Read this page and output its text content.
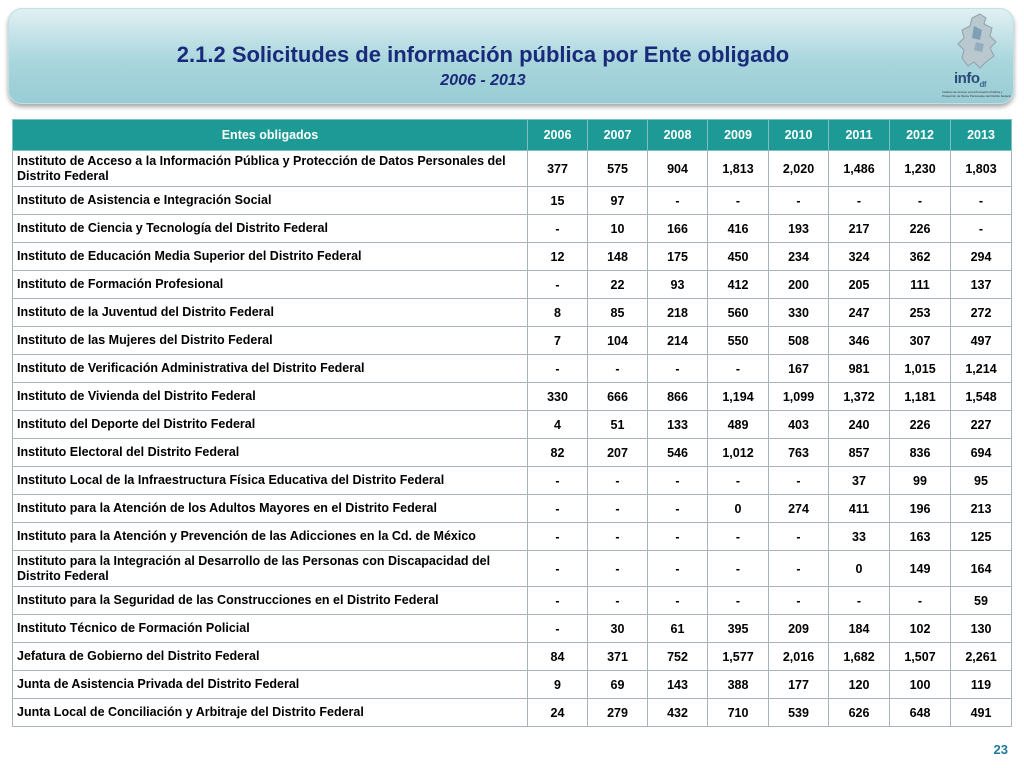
2.1.2 Solicitudes de información pública por Ente obligado
2006 - 2013	info$_{df}$
Instituto de Acceso a la Información Pública y Protección de Datos Personales del Distrito Federal
Entes obligados	2006	2007	2008	2009	2010	2011	2012	2013
Instituto de Acceso a la Información Pública y Protección de Datos Personales del Distrito Federal	377	575	904	1,813	2,020	1,486	1,230	1,803
Instituto de Asistencia e Integración Social	15	97	-	-	-	-	-	-
Instituto de Ciencia y Tecnología del Distrito Federal	-	10	166	416	193	217	226	-
Instituto de Educación Media Superior del Distrito Federal	12	148	175	450	234	324	362	294
Instituto de Formación Profesional	-	22	93	412	200	205	111	137
Instituto de la Juventud del Distrito Federal	8	85	218	560	330	247	253	272
Instituto de las Mujeres del Distrito Federal	7	104	214	550	508	346	307	497
Instituto de Verificación Administrativa del Distrito Federal	-	-	-	-	167	981	1,015	1,214
Instituto de Vivienda del Distrito Federal	330	666	866	1,194	1,099	1,372	1,181	1,548
Instituto del Deporte del Distrito Federal	4	51	133	489	403	240	226	227
Instituto Electoral del Distrito Federal	82	207	546	1,012	763	857	836	694
Instituto Local de la Infraestructura Física Educativa del Distrito Federal	-	-	-	-	-	37	99	95
Instituto para la Atención de los Adultos Mayores en el Distrito Federal	-	-	-	0	274	411	196	213
Instituto para la Atención y Prevención de las Adicciones en la Cd. de México	-	-	-	-	-	33	163	125
Instituto para la Integración al Desarrollo de las Personas con Discapacidad del Distrito Federal	-	-	-	-	-	0	149	164
Instituto para la Seguridad de las Construcciones en el Distrito Federal	-	-	-	-	-	-	-	59
Instituto Técnico de Formación Policial	-	30	61	395	209	184	102	130
Jefatura de Gobierno del Distrito Federal	84	371	752	1,577	2,016	1,682	1,507	2,261
Junta de Asistencia Privada del Distrito Federal	9	69	143	388	177	120	100	119
Junta Local de Conciliación y Arbitraje del Distrito Federal	24	279	432	710	539	626	648	491
23
